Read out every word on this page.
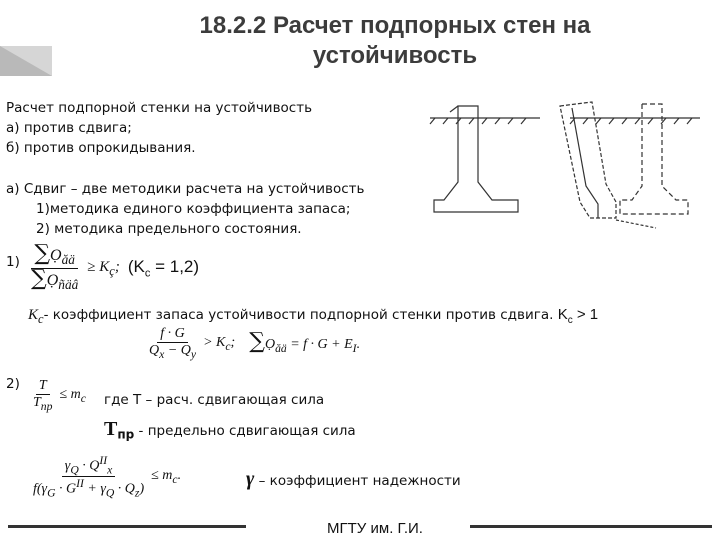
18.2.2 Расчет подпорных стен на
устойчивость
Расчет подпорной стенки на устойчивость
а) против сдвига;
б) против опрокидывания.
а) Сдвиг – две методики расчета на устойчивость
1)методика единого коэффициента запаса;
2) методика предельного состояния.
$1) \frac{\sum Ọ_{ăä}}{\sum Ọ_{ñäâ}} \ge K_ç$; $(K_c = 1,2)$
$K_c-$ коэффициент запаса устойчивости подпорной стенки против сдвига. $K_c > 1$
$\frac{f \cdot G}{Q_x - Q_y} > K_c$; ∑Ọ$_{ăä}$ = $f \cdot G + E_I$.
$2) \frac{T}{T_{пр}} \le m_c$ где T – расч. сдвигающая сила
$T_{пр}$ - предельно сдвигающая сила
$\frac{\gamma_Q \cdot Q^{II}_x}{f(\gamma_G \cdot G^{II} + \gamma_Q \cdot Q_z)} \le m_c$.	γ – коэффициент надежности
МГТУ им. Г.И.
